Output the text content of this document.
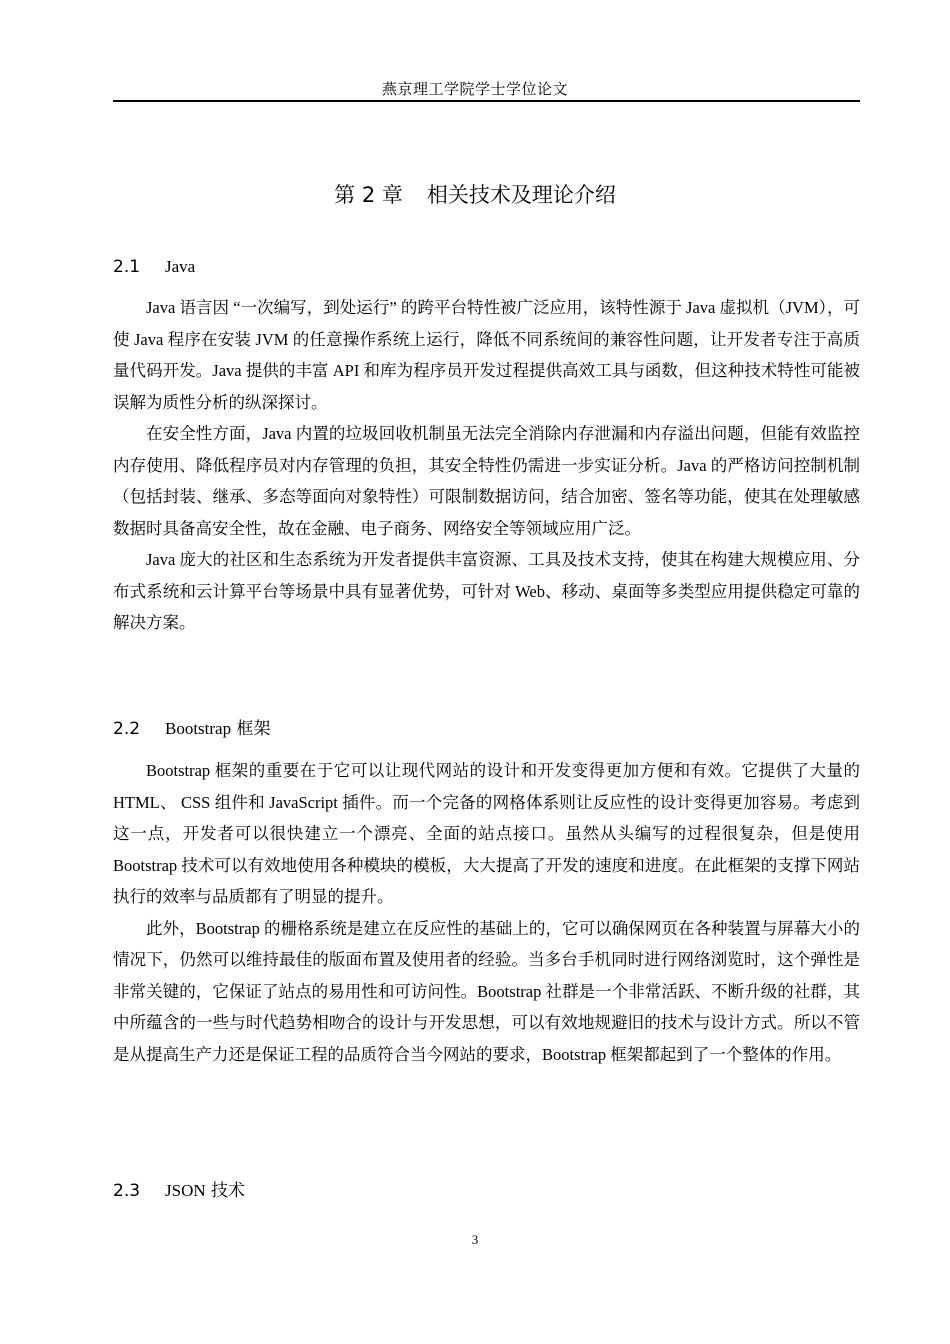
燕京理工学院学士学位论文
第 2 章 相关技术及理论介绍
2.1 Java

Java 语言因 “一次编写，到处运行” 的跨平台特性被广泛应用，该特性源于 Java 虚拟机（JVM），可使 Java 程序在安装 JVM 的任意操作系统上运行，降低不同系统间的兼容性问题，让开发者专注于高质量代码开发。Java 提供的丰富 API 和库为程序员开发过程提供高效工具与函数，但这种技术特性可能被误解为质性分析的纵深探讨。

在安全性方面，Java 内置的垃圾回收机制虽无法完全消除内存泄漏和内存溢出问题，但能有效监控内存使用、降低程序员对内存管理的负担，其安全特性仍需进一步实证分析。Java 的严格访问控制机制（包括封装、继承、多态等面向对象特性）可限制数据访问，结合加密、签名等功能，使其在处理敏感数据时具备高安全性，故在金融、电子商务、网络安全等领域应用广泛。

Java 庞大的社区和生态系统为开发者提供丰富资源、工具及技术支持，使其在构建大规模应用、分布式系统和云计算平台等场景中具有显著优势，可针对 Web、移动、桌面等多类型应用提供稳定可靠的解决方案。

2.2 Bootstrap 框架

Bootstrap 框架的重要在于它可以让现代网站的设计和开发变得更加方便和有效。它提供了大量的 HTML、 CSS 组件和 JavaScript 插件。而一个完备的网格体系则让反应性的设计变得更加容易。考虑到这一点，开发者可以很快建立一个漂亮、全面的站点接口。虽然从头编写的过程很复杂，但是使用 Bootstrap 技术可以有效地使用各种模块的模板，大大提高了开发的速度和进度。在此框架的支撑下网站执行的效率与品质都有了明显的提升。

此外，Bootstrap 的栅格系统是建立在反应性的基础上的，它可以确保网页在各种装置与屏幕大小的情况下，仍然可以维持最佳的版面布置及使用者的经验。当多台手机同时进行网络浏览时，这个弹性是非常关键的，它保证了站点的易用性和可访问性。Bootstrap 社群是一个非常活跃、不断升级的社群，其中所蕴含的一些与时代趋势相吻合的设计与开发思想，可以有效地规避旧的技术与设计方式。所以不管是从提高生产力还是保证工程的品质符合当今网站的要求，Bootstrap 框架都起到了一个整体的作用。

2.3 JSON 技术
3
